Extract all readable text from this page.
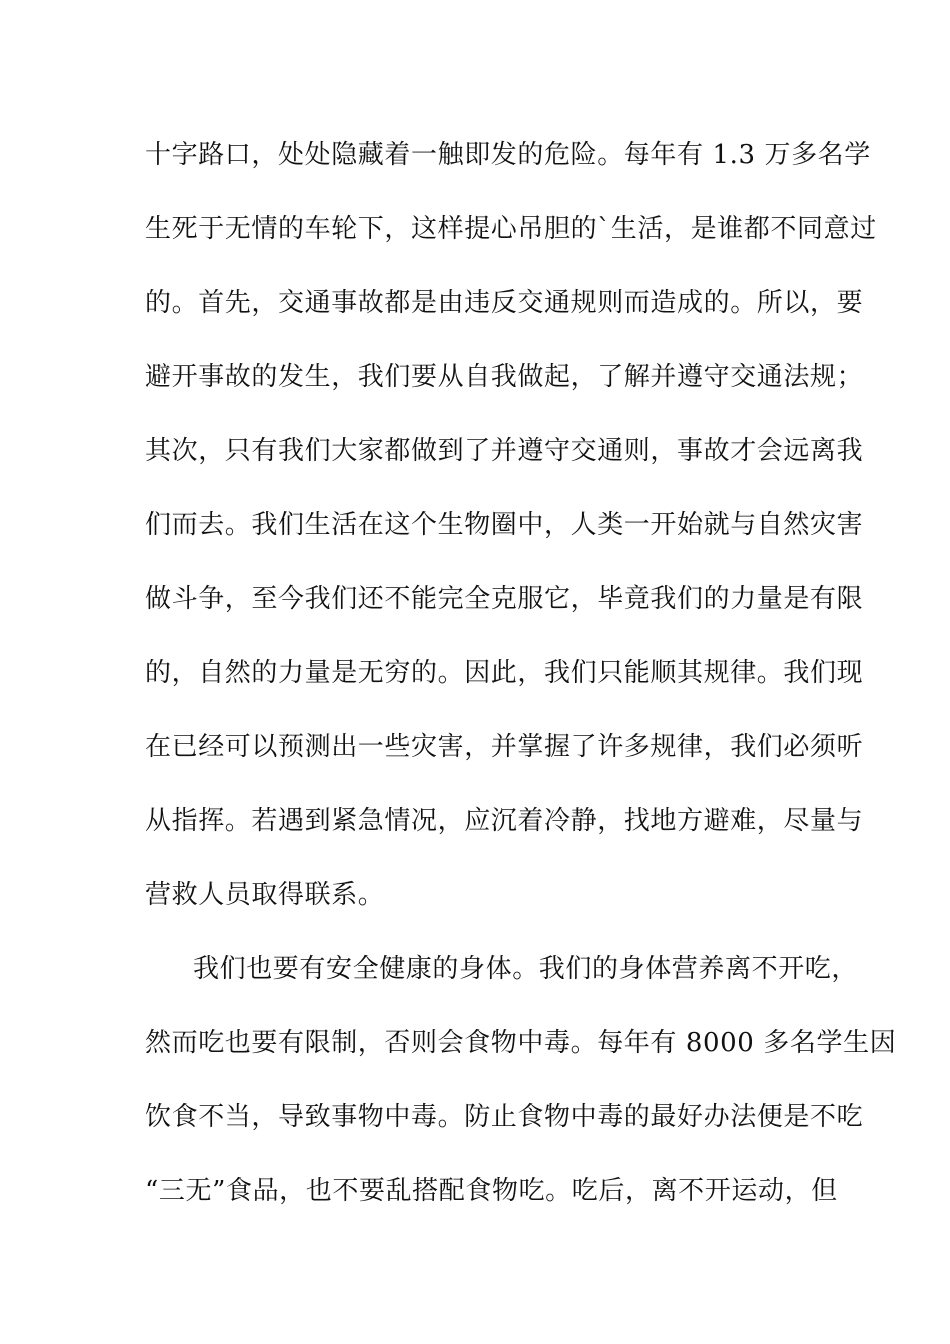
十字路口，处处隐藏着一触即发的危险。每年有 1.3 万多名学
生死于无情的车轮下，这样提心吊胆的`生活，是谁都不同意过
的。首先，交通事故都是由违反交通规则而造成的。所以，要
避开事故的发生，我们要从自我做起，了解并遵守交通法规；
其次，只有我们大家都做到了并遵守交通则，事故才会远离我
们而去。我们生活在这个生物圈中，人类一开始就与自然灾害
做斗争，至今我们还不能完全克服它，毕竟我们的力量是有限
的，自然的力量是无穷的。因此，我们只能顺其规律。我们现
在已经可以预测出一些灾害，并掌握了许多规律，我们必须听
从指挥。若遇到紧急情况，应沉着冷静，找地方避难，尽量与
营救人员取得联系。
我们也要有安全健康的身体。我们的身体营养离不开吃，
然而吃也要有限制，否则会食物中毒。每年有 8000 多名学生因
饮食不当，导致事物中毒。防止食物中毒的最好办法便是不吃
“三无”食品，也不要乱搭配食物吃。吃后，离不开运动，但
